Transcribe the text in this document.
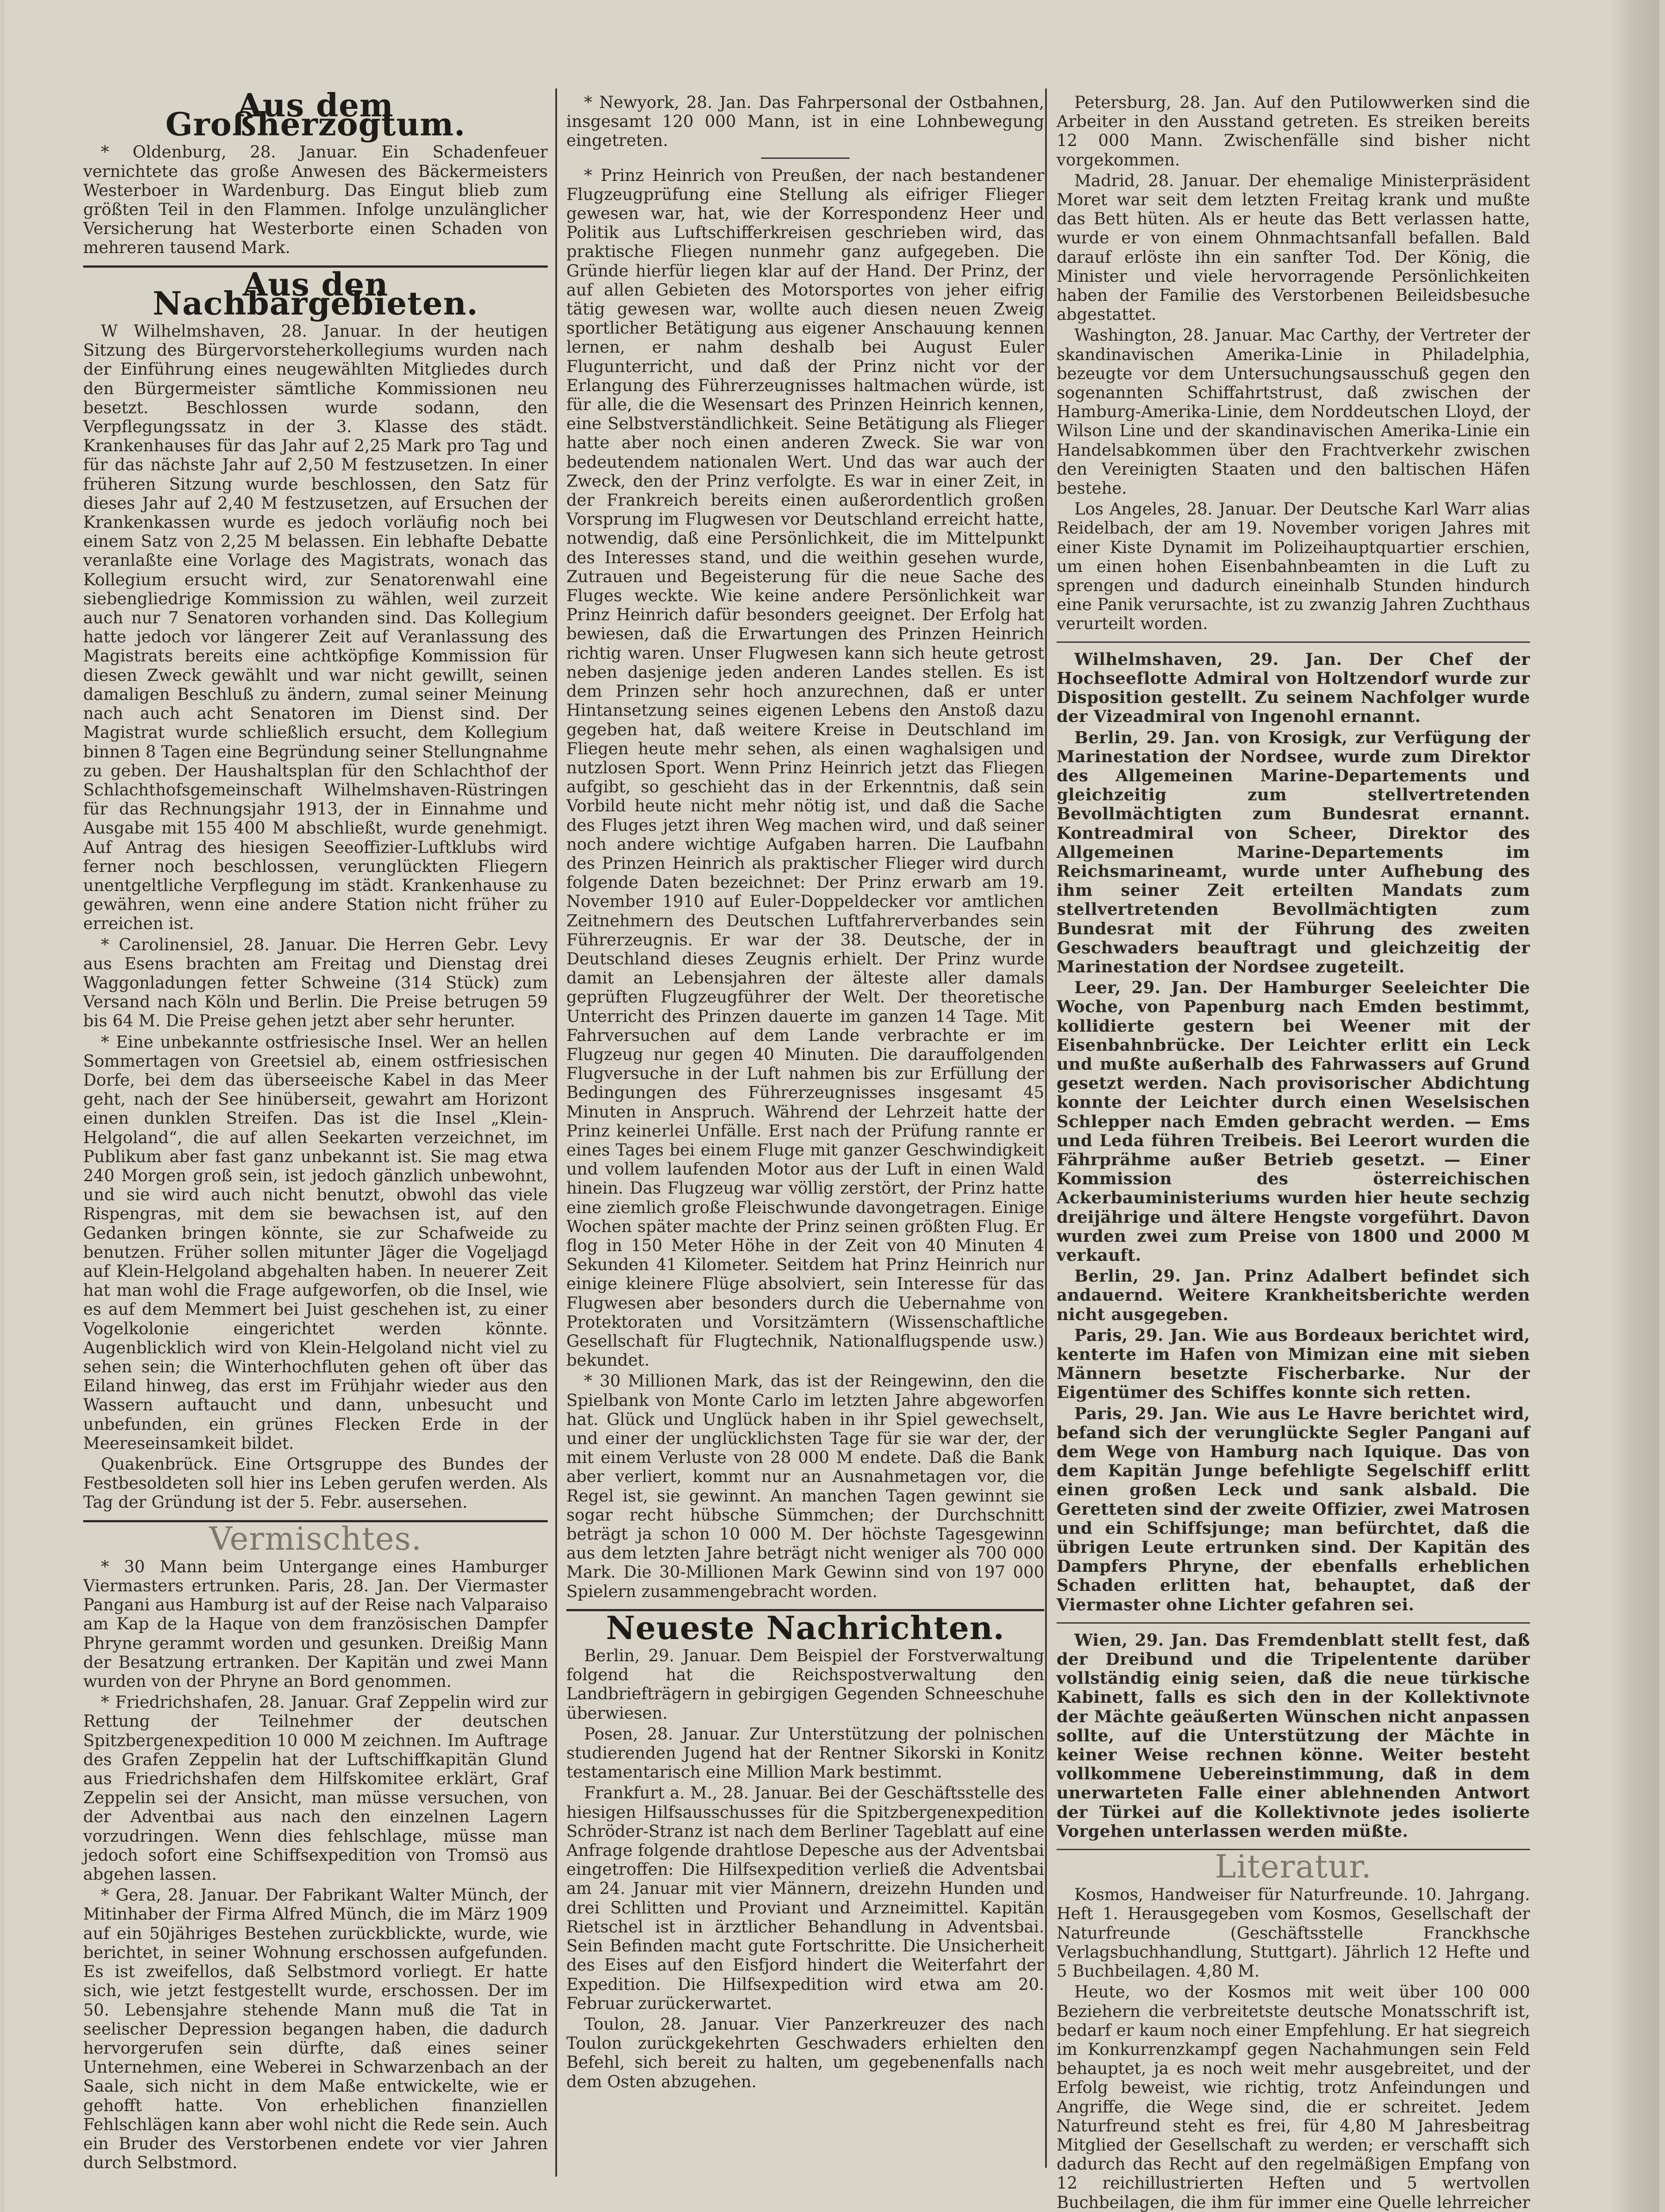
Aus dem Großherzogtum.

* Oldenburg, 28. Januar. Ein Schadenfeuer vernichtete das große Anwesen des Bäckermeisters Westerboer in Wardenburg. Das Eingut blieb zum größten Teil in den Flammen. Infolge unzulänglicher Versicherung hat Westerborte einen Schaden von mehreren tausend Mark.

Aus den Nachbargebieten.

W Wilhelmshaven, 28. Januar. In der heutigen Sitzung des Bürgervorsteherkollegiums wurden nach der Einführung eines neugewählten Mitgliedes durch den Bürgermeister sämtliche Kommissionen neu besetzt. Beschlossen wurde sodann, den Verpflegungssatz in der 3. Klasse des städt. Krankenhauses für das Jahr auf 2,25 Mark pro Tag und für das nächste Jahr auf 2,50 M festzusetzen. In einer früheren Sitzung wurde beschlossen, den Satz für dieses Jahr auf 2,40 M festzusetzen, auf Ersuchen der Krankenkassen wurde es jedoch vorläufig noch bei einem Satz von 2,25 M belassen. Ein lebhafte Debatte veranlaßte eine Vorlage des Magistrats, wonach das Kollegium ersucht wird, zur Senatorenwahl eine siebengliedrige Kommission zu wählen, weil zurzeit auch nur 7 Senatoren vorhanden sind. Das Kollegium hatte jedoch vor längerer Zeit auf Veranlassung des Magistrats bereits eine achtköpfige Kommission für diesen Zweck gewählt und war nicht gewillt, seinen damaligen Beschluß zu ändern, zumal seiner Meinung nach auch acht Senatoren im Dienst sind. Der Magistrat wurde schließlich ersucht, dem Kollegium binnen 8 Tagen eine Begründung seiner Stellungnahme zu geben. Der Haushaltsplan für den Schlachthof der Schlachthofsgemeinschaft Wilhelmshaven-Rüstringen für das Rechnungsjahr 1913, der in Einnahme und Ausgabe mit 155 400 M abschließt, wurde genehmigt. Auf Antrag des hiesigen Seeoffizier-Luftklubs wird ferner noch beschlossen, verunglückten Fliegern unentgeltliche Verpflegung im städt. Krankenhause zu gewähren, wenn eine andere Station nicht früher zu erreichen ist.

* Carolinensiel, 28. Januar. Die Herren Gebr. Levy aus Esens brachten am Freitag und Dienstag drei Waggonladungen fetter Schweine (314 Stück) zum Versand nach Köln und Berlin. Die Preise betrugen 59 bis 64 M. Die Preise gehen jetzt aber sehr herunter.

* Eine unbekannte ostfriesische Insel. Wer an hellen Sommertagen von Greetsiel ab, einem ostfriesischen Dorfe, bei dem das überseeische Kabel in das Meer geht, nach der See hinüberseit, gewahrt am Horizont einen dunklen Streifen. Das ist die Insel „Klein-Helgoland“, die auf allen Seekarten verzeichnet, im Publikum aber fast ganz unbekannt ist. Sie mag etwa 240 Morgen groß sein, ist jedoch gänzlich unbewohnt, und sie wird auch nicht benutzt, obwohl das viele Rispengras, mit dem sie bewachsen ist, auf den Gedanken bringen könnte, sie zur Schafweide zu benutzen. Früher sollen mitunter Jäger die Vogeljagd auf Klein-Helgoland abgehalten haben. In neuerer Zeit hat man wohl die Frage aufgeworfen, ob die Insel, wie es auf dem Memmert bei Juist geschehen ist, zu einer Vogelkolonie eingerichtet werden könnte. Augenblicklich wird von Klein-Helgoland nicht viel zu sehen sein; die Winterhochfluten gehen oft über das Eiland hinweg, das erst im Frühjahr wieder aus den Wassern auftaucht und dann, unbesucht und unbefunden, ein grünes Flecken Erde in der Meereseinsamkeit bildet.

Quakenbrück. Eine Ortsgruppe des Bundes der Festbesoldeten soll hier ins Leben gerufen werden. Als Tag der Gründung ist der 5. Febr. ausersehen.

Vermischtes.

* 30 Mann beim Untergange eines Hamburger Viermasters ertrunken. Paris, 28. Jan. Der Viermaster Pangani aus Hamburg ist auf der Reise nach Valparaiso am Kap de la Haque von dem französischen Dampfer Phryne gerammt worden und gesunken. Dreißig Mann der Besatzung ertranken. Der Kapitän und zwei Mann wurden von der Phryne an Bord genommen.

* Friedrichshafen, 28. Januar. Graf Zeppelin wird zur Rettung der Teilnehmer der deutschen Spitzbergenexpedition 10 000 M zeichnen. Im Auftrage des Grafen Zeppelin hat der Luftschiffkapitän Glund aus Friedrichshafen dem Hilfskomitee erklärt, Graf Zeppelin sei der Ansicht, man müsse versuchen, von der Adventbai aus nach den einzelnen Lagern vorzudringen. Wenn dies fehlschlage, müsse man jedoch sofort eine Schiffsexpedition von Tromsö aus abgehen lassen.

* Gera, 28. Januar. Der Fabrikant Walter Münch, der Mitinhaber der Firma Alfred Münch, die im März 1909 auf ein 50jähriges Bestehen zurückblickte, wurde, wie berichtet, in seiner Wohnung erschossen aufgefunden. Es ist zweifellos, daß Selbstmord vorliegt. Er hatte sich, wie jetzt festgestellt wurde, erschossen. Der im 50. Lebensjahre stehende Mann muß die Tat in seelischer Depression begangen haben, die dadurch hervorgerufen sein dürfte, daß eines seiner Unternehmen, eine Weberei in Schwarzenbach an der Saale, sich nicht in dem Maße entwickelte, wie er gehofft hatte. Von erheblichen finanziellen Fehlschlägen kann aber wohl nicht die Rede sein. Auch ein Bruder des Verstorbenen endete vor vier Jahren durch Selbstmord.

* Newyork, 28. Jan. Das Fahrpersonal der Ostbahnen, insgesamt 120 000 Mann, ist in eine Lohnbewegung eingetreten.

* Prinz Heinrich von Preußen, der nach bestandener Flugzeugprüfung eine Stellung als eifriger Flieger gewesen war, hat, wie der Korrespondenz Heer und Politik aus Luftschifferkreisen geschrieben wird, das praktische Fliegen nunmehr ganz aufgegeben. Die Gründe hierfür liegen klar auf der Hand. Der Prinz, der auf allen Gebieten des Motorsportes von jeher eifrig tätig gewesen war, wollte auch diesen neuen Zweig sportlicher Betätigung aus eigener Anschauung kennen lernen, er nahm deshalb bei August Euler Flugunterricht, und daß der Prinz nicht vor der Erlangung des Führerzeugnisses haltmachen würde, ist für alle, die die Wesensart des Prinzen Heinrich kennen, eine Selbstverständlichkeit. Seine Betätigung als Flieger hatte aber noch einen anderen Zweck. Sie war von bedeutendem nationalen Wert. Und das war auch der Zweck, den der Prinz verfolgte. Es war in einer Zeit, in der Frankreich bereits einen außerordentlich großen Vorsprung im Flugwesen vor Deutschland erreicht hatte, notwendig, daß eine Persönlichkeit, die im Mittelpunkt des Interesses stand, und die weithin gesehen wurde, Zutrauen und Begeisterung für die neue Sache des Fluges weckte. Wie keine andere Persönlichkeit war Prinz Heinrich dafür besonders geeignet. Der Erfolg hat bewiesen, daß die Erwartungen des Prinzen Heinrich richtig waren. Unser Flugwesen kann sich heute getrost neben dasjenige jeden anderen Landes stellen. Es ist dem Prinzen sehr hoch anzurechnen, daß er unter Hintansetzung seines eigenen Lebens den Anstoß dazu gegeben hat, daß weitere Kreise in Deutschland im Fliegen heute mehr sehen, als einen waghalsigen und nutzlosen Sport. Wenn Prinz Heinrich jetzt das Fliegen aufgibt, so geschieht das in der Erkenntnis, daß sein Vorbild heute nicht mehr nötig ist, und daß die Sache des Fluges jetzt ihren Weg machen wird, und daß seiner noch andere wichtige Aufgaben harren. Die Laufbahn des Prinzen Heinrich als praktischer Flieger wird durch folgende Daten bezeichnet: Der Prinz erwarb am 19. November 1910 auf Euler-Doppeldecker vor amtlichen Zeitnehmern des Deutschen Luftfahrerverbandes sein Führerzeugnis. Er war der 38. Deutsche, der in Deutschland dieses Zeugnis erhielt. Der Prinz wurde damit an Lebensjahren der älteste aller damals geprüften Flugzeugführer der Welt. Der theoretische Unterricht des Prinzen dauerte im ganzen 14 Tage. Mit Fahrversuchen auf dem Lande verbrachte er im Flugzeug nur gegen 40 Minuten. Die darauffolgenden Flugversuche in der Luft nahmen bis zur Erfüllung der Bedingungen des Führerzeugnisses insgesamt 45 Minuten in Anspruch. Während der Lehrzeit hatte der Prinz keinerlei Unfälle. Erst nach der Prüfung rannte er eines Tages bei einem Fluge mit ganzer Geschwindigkeit und vollem laufenden Motor aus der Luft in einen Wald hinein. Das Flugzeug war völlig zerstört, der Prinz hatte eine ziemlich große Fleischwunde davongetragen. Einige Wochen später machte der Prinz seinen größten Flug. Er flog in 150 Meter Höhe in der Zeit von 40 Minuten 4 Sekunden 41 Kilometer. Seitdem hat Prinz Heinrich nur einige kleinere Flüge absolviert, sein Interesse für das Flugwesen aber besonders durch die Uebernahme von Protektoraten und Vorsitzämtern (Wissenschaftliche Gesellschaft für Flugtechnik, Nationalflugspende usw.) bekundet.

* 30 Millionen Mark, das ist der Reingewinn, den die Spielbank von Monte Carlo im letzten Jahre abgeworfen hat. Glück und Unglück haben in ihr Spiel gewechselt, und einer der unglücklichsten Tage für sie war der, der mit einem Verluste von 28 000 M endete. Daß die Bank aber verliert, kommt nur an Ausnahmetagen vor, die Regel ist, sie gewinnt. An manchen Tagen gewinnt sie sogar recht hübsche Sümmchen; der Durchschnitt beträgt ja schon 10 000 M. Der höchste Tagesgewinn aus dem letzten Jahre beträgt nicht weniger als 700 000 Mark. Die 30-Millionen Mark Gewinn sind von 197 000 Spielern zusammengebracht worden.

Neueste Nachrichten.

Berlin, 29. Januar. Dem Beispiel der Forstverwaltung folgend hat die Reichspostverwaltung den Landbriefträgern in gebirgigen Gegenden Schneeschuhe überwiesen.

Posen, 28. Januar. Zur Unterstützung der polnischen studierenden Jugend hat der Rentner Sikorski in Konitz testamentarisch eine Million Mark bestimmt.

Frankfurt a. M., 28. Januar. Bei der Geschäftsstelle des hiesigen Hilfsausschusses für die Spitzbergenexpedition Schröder-Stranz ist nach dem Berliner Tageblatt auf eine Anfrage folgende drahtlose Depesche aus der Adventsbai eingetroffen: Die Hilfsexpedition verließ die Adventsbai am 24. Januar mit vier Männern, dreizehn Hunden und drei Schlitten und Proviant und Arzneimittel. Kapitän Rietschel ist in ärztlicher Behandlung in Adventsbai. Sein Befinden macht gute Fortschritte. Die Unsicherheit des Eises auf den Eisfjord hindert die Weiterfahrt der Expedition. Die Hilfsexpedition wird etwa am 20. Februar zurückerwartet.

Toulon, 28. Januar. Vier Panzerkreuzer des nach Toulon zurückgekehrten Geschwaders erhielten den Befehl, sich bereit zu halten, um gegebenenfalls nach dem Osten abzugehen.

Petersburg, 28. Jan. Auf den Putilowwerken sind die Arbeiter in den Ausstand getreten. Es streiken bereits 12 000 Mann. Zwischenfälle sind bisher nicht vorgekommen.

Madrid, 28. Januar. Der ehemalige Ministerpräsident Moret war seit dem letzten Freitag krank und mußte das Bett hüten. Als er heute das Bett verlassen hatte, wurde er von einem Ohnmachtsanfall befallen. Bald darauf erlöste ihn ein sanfter Tod. Der König, die Minister und viele hervorragende Persönlichkeiten haben der Familie des Verstorbenen Beileidsbesuche abgestattet.

Washington, 28. Januar. Mac Carthy, der Vertreter der skandinavischen Amerika-Linie in Philadelphia, bezeugte vor dem Untersuchungsausschuß gegen den sogenannten Schiffahrtstrust, daß zwischen der Hamburg-Amerika-Linie, dem Norddeutschen Lloyd, der Wilson Line und der skandinavischen Amerika-Linie ein Handelsabkommen über den Frachtverkehr zwischen den Vereinigten Staaten und den baltischen Häfen bestehe.

Los Angeles, 28. Januar. Der Deutsche Karl Warr alias Reidelbach, der am 19. November vorigen Jahres mit einer Kiste Dynamit im Polizeihauptquartier erschien, um einen hohen Eisenbahnbeamten in die Luft zu sprengen und dadurch eineinhalb Stunden hindurch eine Panik verursachte, ist zu zwanzig Jahren Zuchthaus verurteilt worden.

Wilhelmshaven, 29. Jan. Der Chef der Hochseeflotte Admiral von Holtzendorf wurde zur Disposition gestellt. Zu seinem Nachfolger wurde der Vizeadmiral von Ingenohl ernannt.

Berlin, 29. Jan. von Krosigk, zur Verfügung der Marinestation der Nordsee, wurde zum Direktor des Allgemeinen Marine-Departements und gleichzeitig zum stellvertretenden Bevollmächtigten zum Bundesrat ernannt. Kontreadmiral von Scheer, Direktor des Allgemeinen Marine-Departements im Reichsmarineamt, wurde unter Aufhebung des ihm seiner Zeit erteilten Mandats zum stellvertretenden Bevollmächtigten zum Bundesrat mit der Führung des zweiten Geschwaders beauftragt und gleichzeitig der Marinestation der Nordsee zugeteilt.

Leer, 29. Jan. Der Hamburger Seeleichter Die Woche, von Papenburg nach Emden bestimmt, kollidierte gestern bei Weener mit der Eisenbahnbrücke. Der Leichter erlitt ein Leck und mußte außerhalb des Fahrwassers auf Grund gesetzt werden. Nach provisorischer Abdichtung konnte der Leichter durch einen Weselsischen Schlepper nach Emden gebracht werden. — Ems und Leda führen Treibeis. Bei Leerort wurden die Fährprähme außer Betrieb gesetzt. — Einer Kommission des österreichischen Ackerbauministeriums wurden hier heute sechzig dreijährige und ältere Hengste vorgeführt. Davon wurden zwei zum Preise von 1800 und 2000 M verkauft.

Berlin, 29. Jan. Prinz Adalbert befindet sich andauernd. Weitere Krankheitsberichte werden nicht ausgegeben.

Paris, 29. Jan. Wie aus Bordeaux berichtet wird, kenterte im Hafen von Mimizan eine mit sieben Männern besetzte Fischerbarke. Nur der Eigentümer des Schiffes konnte sich retten.

Paris, 29. Jan. Wie aus Le Havre berichtet wird, befand sich der verunglückte Segler Pangani auf dem Wege von Hamburg nach Iquique. Das von dem Kapitän Junge befehligte Segelschiff erlitt einen großen Leck und sank alsbald. Die Geretteten sind der zweite Offizier, zwei Matrosen und ein Schiffsjunge; man befürchtet, daß die übrigen Leute ertrunken sind. Der Kapitän des Dampfers Phryne, der ebenfalls erheblichen Schaden erlitten hat, behauptet, daß der Viermaster ohne Lichter gefahren sei.

Wien, 29. Jan. Das Fremdenblatt stellt fest, daß der Dreibund und die Tripelentente darüber vollständig einig seien, daß die neue türkische Kabinett, falls es sich den in der Kollektivnote der Mächte geäußerten Wünschen nicht anpassen sollte, auf die Unterstützung der Mächte in keiner Weise rechnen könne. Weiter besteht vollkommene Uebereinstimmung, daß in dem unerwarteten Falle einer ablehnenden Antwort der Türkei auf die Kollektivnote jedes isolierte Vorgehen unterlassen werden müßte.

Literatur.

Kosmos, Handweiser für Naturfreunde. 10. Jahrgang. Heft 1. Herausgegeben vom Kosmos, Gesellschaft der Naturfreunde (Geschäftsstelle Franckhsche Verlagsbuchhandlung, Stuttgart). Jährlich 12 Hefte und 5 Buchbeilagen. 4,80 M.

Heute, wo der Kosmos mit weit über 100 000 Beziehern die verbreitetste deutsche Monatsschrift ist, bedarf er kaum noch einer Empfehlung. Er hat siegreich im Konkurrenzkampf gegen Nachahmungen sein Feld behauptet, ja es noch weit mehr ausgebreitet, und der Erfolg beweist, wie richtig, trotz Anfeindungen und Angriffe, die Wege sind, die er schreitet. Jedem Naturfreund steht es frei, für 4,80 M Jahresbeitrag Mitglied der Gesellschaft zu werden; er verschafft sich dadurch das Recht auf den regelmäßigen Empfang von 12 reichillustrierten Heften und 5 wertvollen Buchbeilagen, die ihm für immer eine Quelle lehrreicher
